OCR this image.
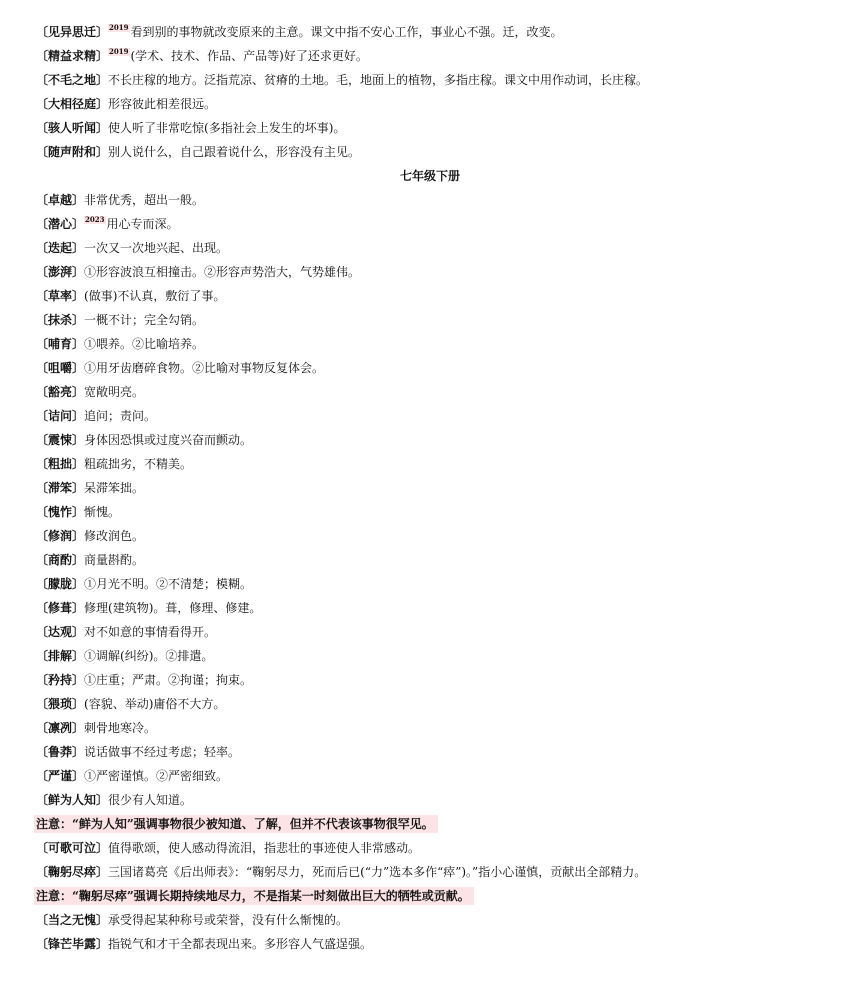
〔见异思迁〕2019 看到别的事物就改变原来的主意。课文中指不安心工作，事业心不强。迁，改变。
〔精益求精〕2019 (学术、技术、作品、产品等)好了还求更好。
〔不毛之地〕不长庄稼的地方。泛指荒凉、贫瘠的土地。毛，地面上的植物，多指庄稼。课文中用作动词，长庄稼。
〔大相径庭〕形容彼此相差很远。
〔骇人听闻〕使人听了非常吃惊(多指社会上发生的坏事)。
〔随声附和〕别人说什么，自己跟着说什么，形容没有主见。
七年级下册
〔卓越〕非常优秀，超出一般。
〔潜心〕2023 用心专而深。
〔迭起〕一次又一次地兴起、出现。
〔澎湃〕①形容波浪互相撞击。②形容声势浩大，气势雄伟。
〔草率〕(做事)不认真，敷衍了事。
〔抹杀〕一概不计；完全勾销。
〔哺育〕①喂养。②比喻培养。
〔咀嚼〕①用牙齿磨碎食物。②比喻对事物反复体会。
〔豁亮〕宽敞明亮。
〔诘问〕追问；责问。
〔震悚〕身体因恐惧或过度兴奋而颤动。
〔粗拙〕粗疏拙劣，不精美。
〔滞笨〕呆滞笨拙。
〔愧怍〕惭愧。
〔修润〕修改润色。
〔商酌〕商量斟酌。
〔朦胧〕①月光不明。②不清楚；模糊。
〔修葺〕修理(建筑物)。葺，修理、修建。
〔达观〕对不如意的事情看得开。
〔排解〕①调解(纠纷)。②排遣。
〔矜持〕①庄重；严肃。②拘谨；拘束。
〔猥琐〕(容貌、举动)庸俗不大方。
〔凛冽〕刺骨地寒冷。
〔鲁莽〕说话做事不经过考虑；轻率。
〔严谨〕①严密谨慎。②严密细致。
〔鲜为人知〕很少有人知道。
注意：“鲜为人知”强调事物很少被知道、了解，但并不代表该事物很罕见。
〔可歌可泣〕值得歌颂，使人感动得流泪，指悲壮的事迹使人非常感动。
〔鞠躬尽瘁〕三国诸葛亮《后出师表》：“鞠躬尽力，死而后已(“力”选本多作“瘁”)。”指小心谨慎，贡献出全部精力。
注意：“鞠躬尽瘁”强调长期持续地尽力，不是指某一时刻做出巨大的牺牲或贡献。
〔当之无愧〕承受得起某种称号或荣誉，没有什么惭愧的。
〔锋芒毕露〕指锐气和才干全都表现出来。多形容人气盛逞强。
